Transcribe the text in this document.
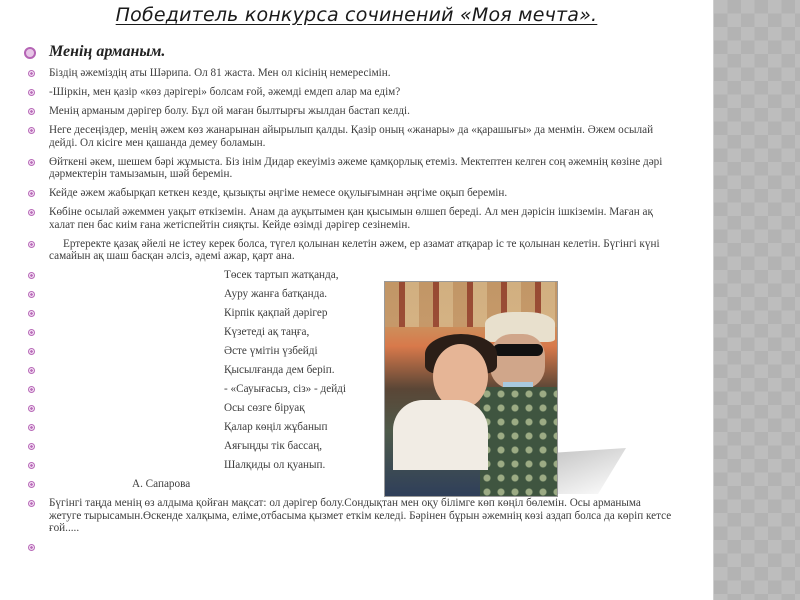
Победитель конкурса сочинений «Моя мечта».
Менің арманым.
Біздің әжеміздің аты Шәрипа. Ол 81 жаста. Мен ол кісінің немересімін.
-Шіркін, мен қазір «көз дәрігері» болсам ғой, әжемді емдеп алар ма едім?
Менің арманым дәрігер болу. Бұл ой маған былтырғы жылдан бастап келді.
Неге десеңіздер, менің әжем көз жанарынан айырылып қалды. Қазір оның «жанары» да «қарашығы» да менмін. Әжем осылай дейді. Ол кісіге мен қашанда демеу боламын.
Өйткені әкем, шешем бәрі жұмыста. Біз інім Дидар екеуіміз әжеме қамқорлық етеміз. Мектептен келген соң әжемнің көзіне дәрі дәрмектерін тамызамын, шәй беремін.
Кейде әжем жабырқап кеткен кезде, қызықты әңгіме немесе оқулығымнан әңгіме оқып беремін.
Көбіне осылай әжеммен уақыт өткіземін. Анам да ауқытымен қан қысымын өлшеп береді. Ал мен дәрісін ішкіземін. Маған ақ халат пен бас киім ғана жетіспейтін сияқты. Кейде өзімді дәрігер сезінемін.
Ертеректе қазақ әйелі не істеу керек болса, түгел қолынан келетін әжем, ер азамат атқарар іс те қолынан келетін. Бүгінгі күні самайын ақ шаш басқан әлсіз, әдемі ажар, қарт ана.
Төсек тартып жатқанда,
Ауру жанға батқанда.
Кірпік қақпай дәрігер
Күзетеді ақ таңға,
Әсте үмітін үзбейді
Қысылғанда дем беріп.
- «Сауығасыз, сіз» - дейді
Осы сөзге біруақ
Қалар көңіл жұбанып
Аяғыңды тік бассаң,
Шалқиды ол қуанып.
А. Сапарова
Бүгінгі таңда менің өз алдыма қойған мақсат: ол дәрігер болу.Сондықтан мен оқу білімге көп көңіл бөлемін. Осы арманыма жетуге тырысамын.Өскенде халқыма, еліме,отбасыма қызмет еткім келеді. Бәрінен бұрын әжемнің көзі аздап болса да көріп кетсе ғой.....
